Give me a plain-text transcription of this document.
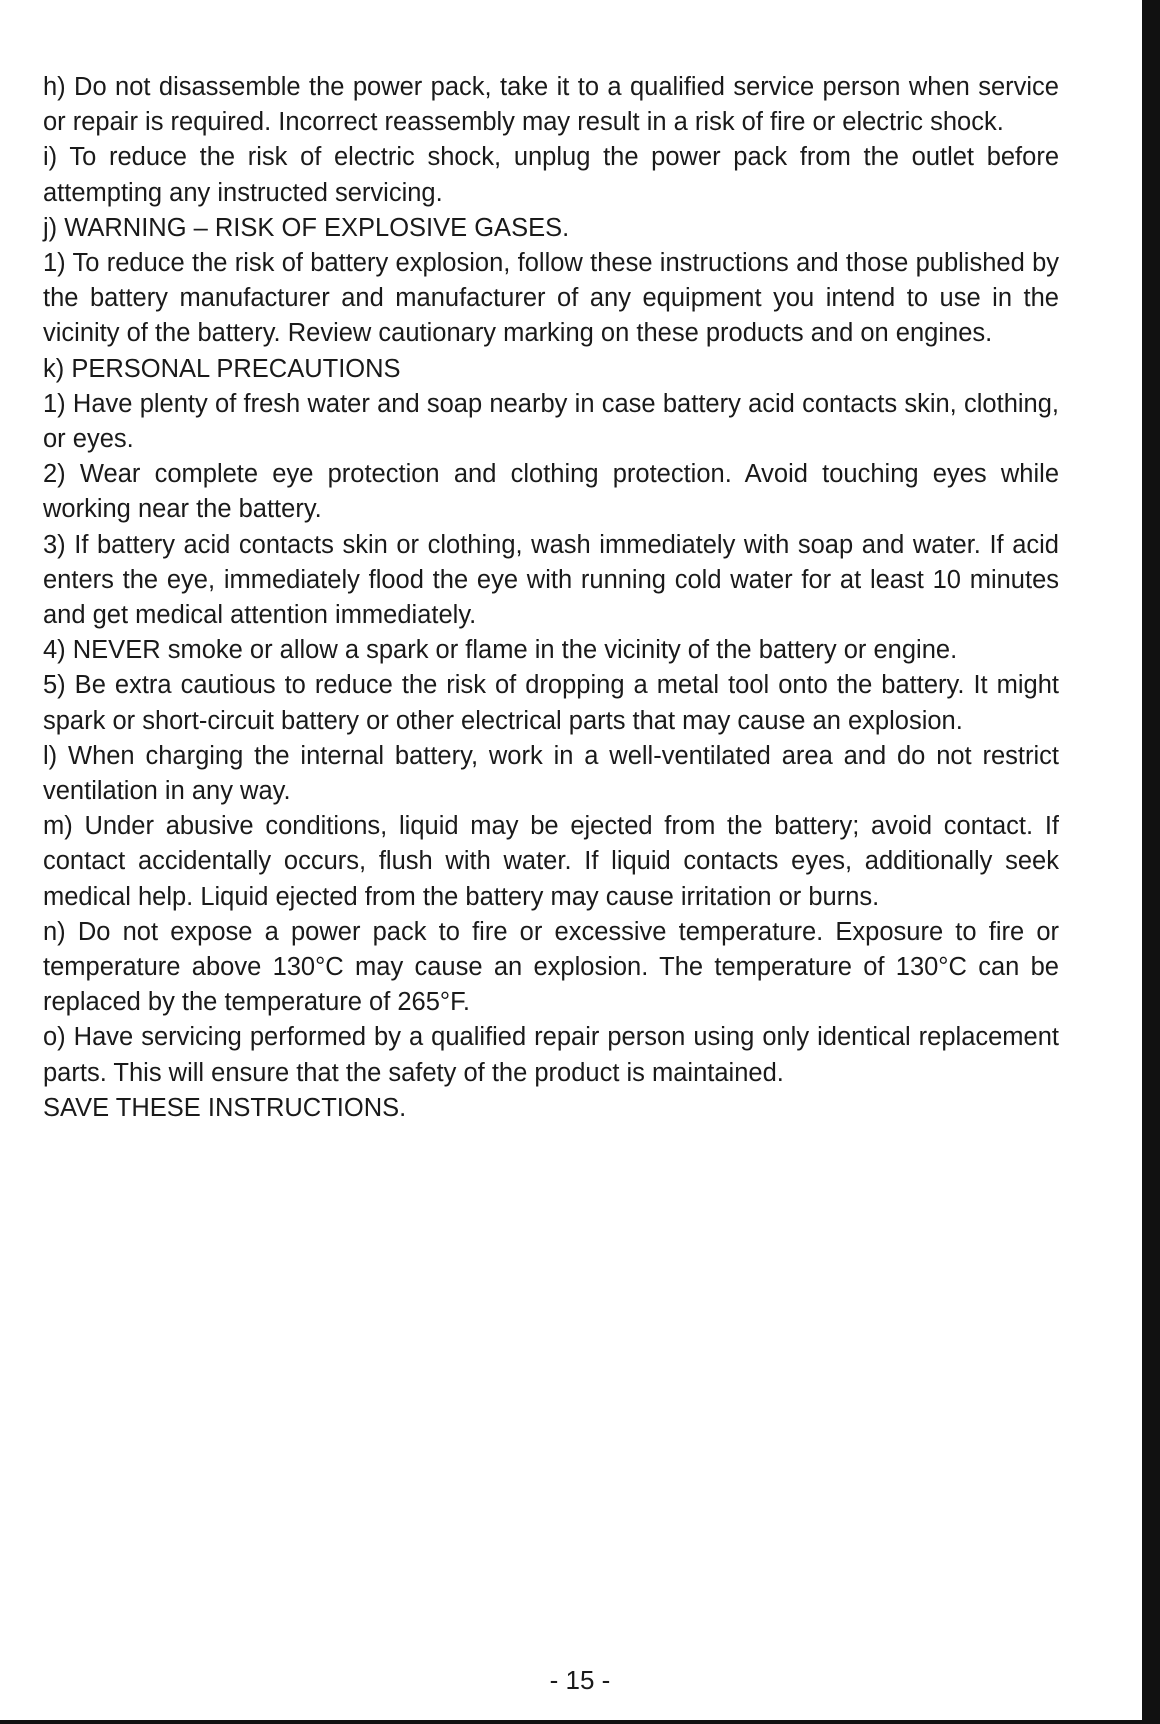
h) Do not disassemble the power pack, take it to a qualified service person when service or repair is required. Incorrect reassembly may result in a risk of fire or electric shock.

i) To reduce the risk of electric shock, unplug the power pack from the outlet before attempting any instructed servicing.

j) WARNING – RISK OF EXPLOSIVE GASES.

1) To reduce the risk of battery explosion, follow these instructions and those published by the battery manufacturer and manufacturer of any equipment you intend to use in the vicinity of the battery. Review cautionary marking on these products and on engines.

k) PERSONAL PRECAUTIONS

1) Have plenty of fresh water and soap nearby in case battery acid contacts skin, clothing, or eyes.

2) Wear complete eye protection and clothing protection. Avoid touching eyes while working near the battery.

3) If battery acid contacts skin or clothing, wash immediately with soap and water. If acid enters the eye, immediately flood the eye with running cold water for at least 10 minutes and get medical attention immediately.

4) NEVER smoke or allow a spark or flame in the vicinity of the battery or engine.

5) Be extra cautious to reduce the risk of dropping a metal tool onto the battery. It might spark or short-circuit battery or other electrical parts that may cause an explosion.

l) When charging the internal battery, work in a well-ventilated area and do not restrict ventilation in any way.

m) Under abusive conditions, liquid may be ejected from the battery; avoid contact. If contact accidentally occurs, flush with water. If liquid contacts eyes, additionally seek medical help. Liquid ejected from the battery may cause irritation or burns.

n) Do not expose a power pack to fire or excessive temperature. Exposure to fire or temperature above 130°C may cause an explosion. The temperature of 130°C can be replaced by the temperature of 265°F.

o) Have servicing performed by a qualified repair person using only identical replacement parts. This will ensure that the safety of the product is maintained.

SAVE THESE INSTRUCTIONS.

- 15 -
